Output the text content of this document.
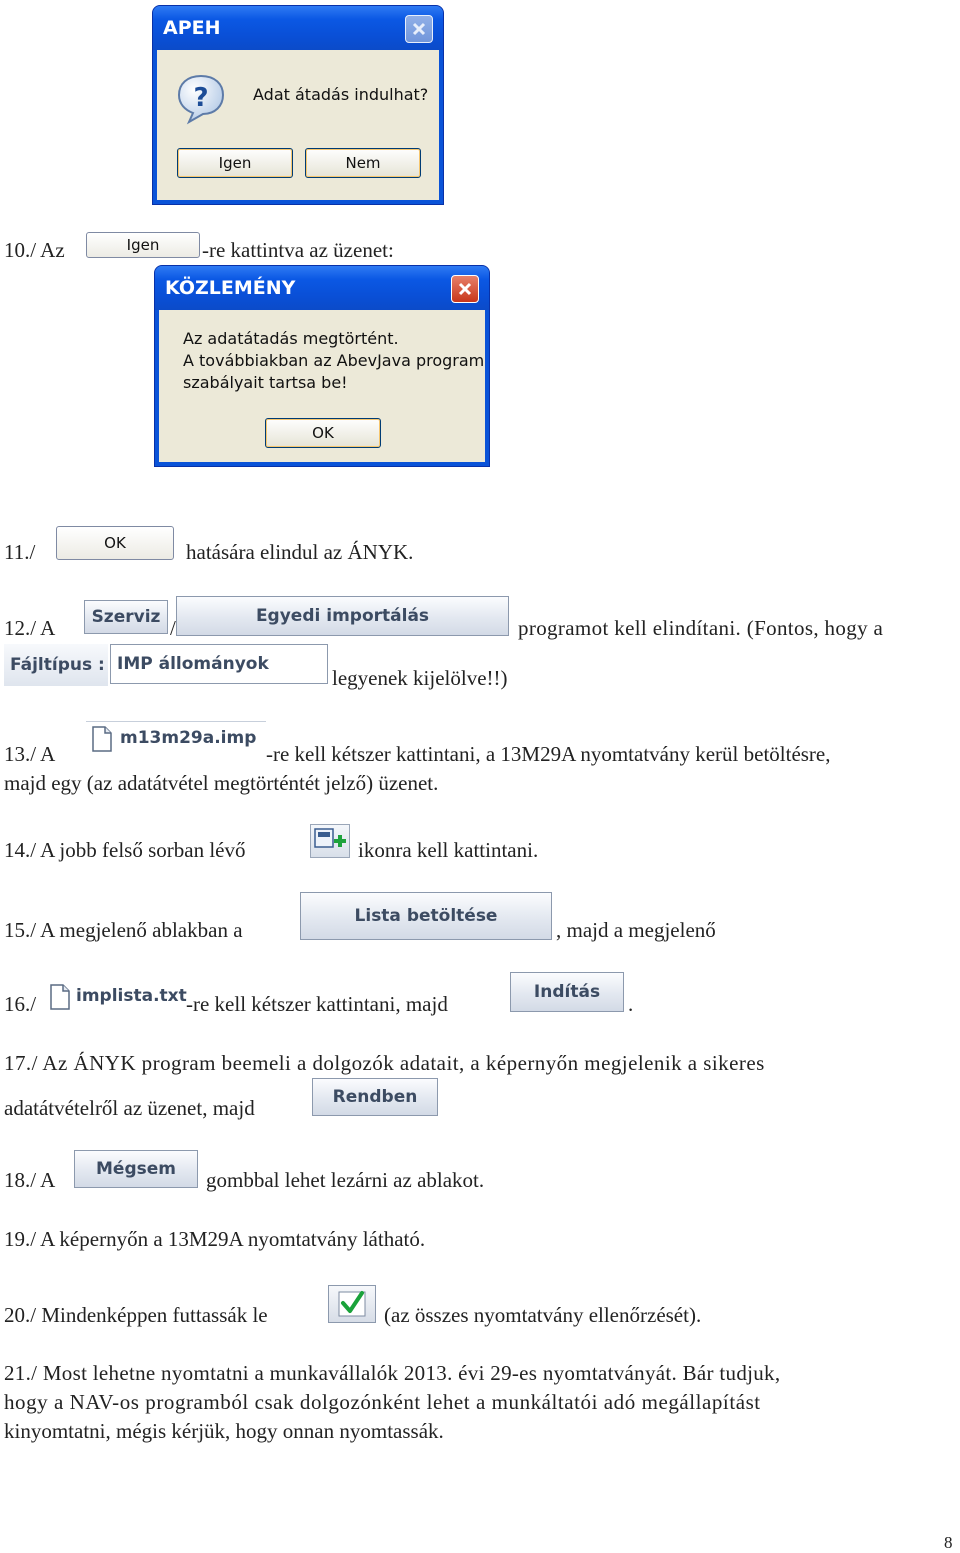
APEH
?	Adat átadás indulhat?
Igen	Nem
10./ Az	Igen	-re kattintva az üzenet:
KÖZLEMÉNY
Az adatátadás megtörtént.
A továbbiakban az AbevJava program
szabályait tartsa be!
OK
11./	OK	hatására elindul az ÁNYK.
12./ A	Szerviz /	Egyedi importálás	programot kell elindítani. (Fontos, hogy a
Fájltípus : IMP állományok
legyenek kijelölve!!)
13./ A
m13m29a.imp
-re kell kétszer kattintani, a 13M29A nyomtatvány kerül betöltésre,
majd egy (az adatátvétel megtörténtét jelző) üzenet.
14./ A jobb felső sorban lévő	ikonra kell kattintani.
15./ A megjelenő ablakban a
Lista betöltése
, majd a megjelenő
16./ implista.txt -re kell kétszer kattintani, majd	Indítás	.
17./ Az ÁNYK program beemeli a dolgozók adatait, a képernyőn megjelenik a sikeres
adatátvételről az üzenet, majd	Rendben
18./ A	Mégsem	gombbal lehet lezárni az ablakot.
19./ A képernyőn a 13M29A nyomtatvány látható.
20./ Mindenképpen futtassák le	(az összes nyomtatvány ellenőrzését).
21./ Most lehetne nyomtatni a munkavállalók 2013. évi 29-es nyomtatványát. Bár tudjuk,
hogy a NAV-os programból csak dolgozónként lehet a munkáltatói adó megállapítást
kinyomtatni, mégis kérjük, hogy onnan nyomtassák.
8
